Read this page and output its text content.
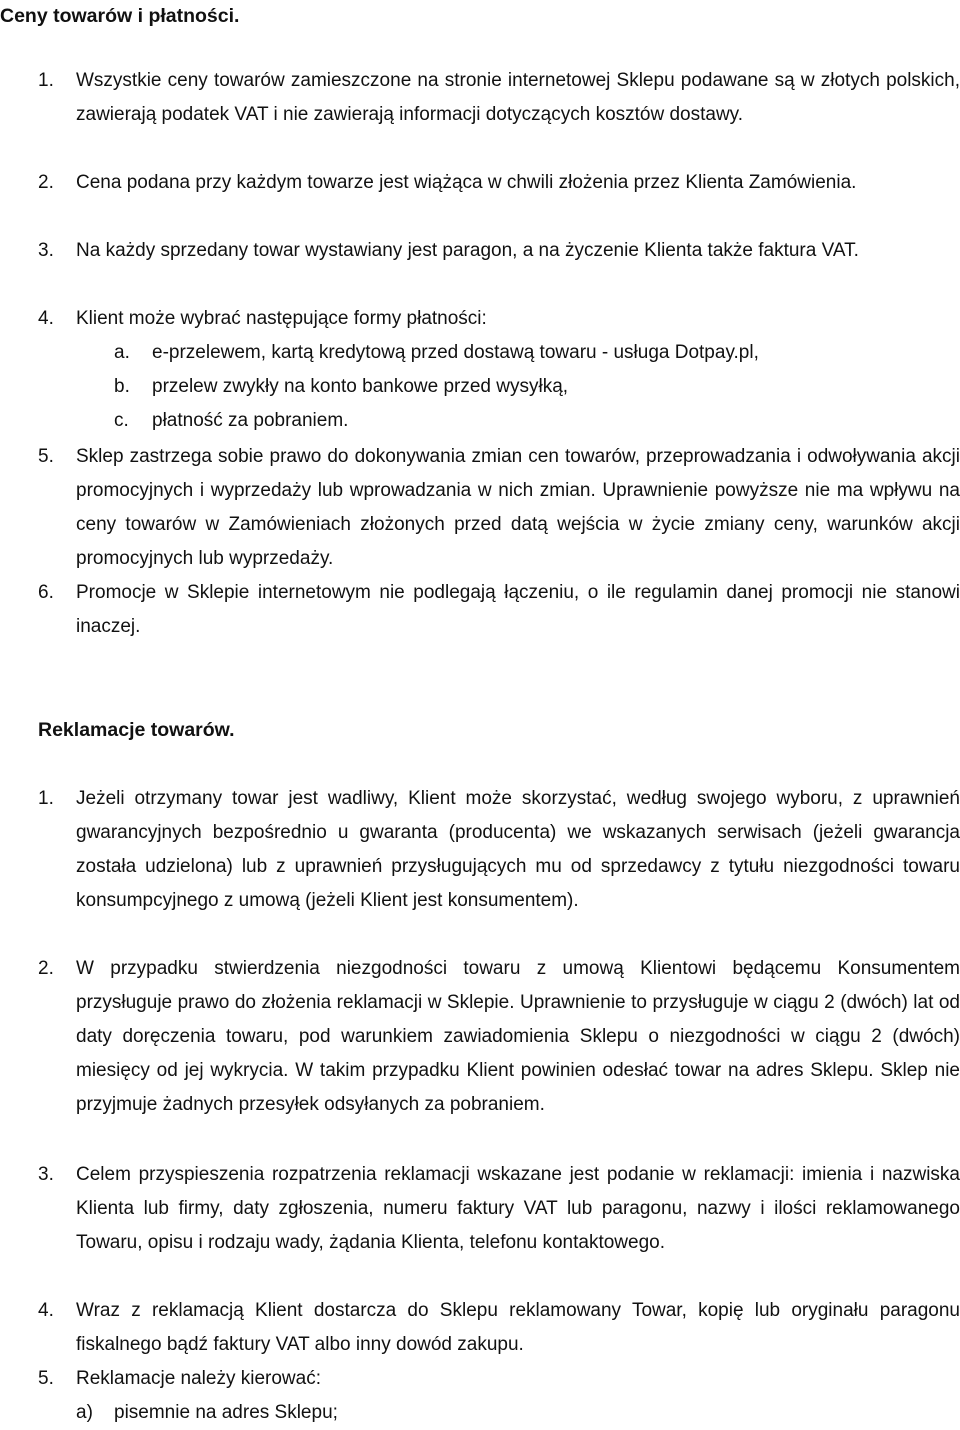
Ceny towarów i płatności.
1. Wszystkie ceny towarów zamieszczone na stronie internetowej Sklepu podawane są w złotych polskich, zawierają podatek VAT i nie zawierają informacji dotyczących kosztów dostawy.
2. Cena podana przy każdym towarze jest wiążąca w chwili złożenia przez Klienta Zamówienia.
3. Na każdy sprzedany towar wystawiany jest paragon, a na życzenie Klienta także faktura VAT.
4. Klient może wybrać następujące formy płatności:
a. e-przelewem, kartą kredytową przed dostawą towaru - usługa Dotpay.pl,
b. przelew zwykły na konto bankowe przed wysyłką,
c. płatność za pobraniem.
5. Sklep zastrzega sobie prawo do dokonywania zmian cen towarów, przeprowadzania i odwoływania akcji promocyjnych i wyprzedaży lub wprowadzania w nich zmian. Uprawnienie powyższe nie ma wpływu na ceny towarów w Zamówieniach złożonych przed datą wejścia w życie zmiany ceny, warunków akcji promocyjnych lub wyprzedaży.
6. Promocje w Sklepie internetowym nie podlegają łączeniu, o ile regulamin danej promocji nie stanowi inaczej.
Reklamacje towarów.
1. Jeżeli otrzymany towar jest wadliwy, Klient może skorzystać, według swojego wyboru, z uprawnień gwarancyjnych bezpośrednio u gwaranta (producenta) we wskazanych serwisach (jeżeli gwarancja została udzielona) lub z uprawnień przysługujących mu od sprzedawcy z tytułu niezgodności towaru konsumpcyjnego z umową (jeżeli Klient jest konsumentem).
2. W przypadku stwierdzenia niezgodności towaru z umową Klientowi będącemu Konsumentem przysługuje prawo do złożenia reklamacji w Sklepie. Uprawnienie to przysługuje w ciągu 2 (dwóch) lat od daty doręczenia towaru, pod warunkiem zawiadomienia Sklepu o niezgodności w ciągu 2 (dwóch) miesięcy od jej wykrycia. W takim przypadku Klient powinien odesłać towar na adres Sklepu. Sklep nie przyjmuje żadnych przesyłek odsyłanych za pobraniem.
3. Celem przyspieszenia rozpatrzenia reklamacji wskazane jest podanie w reklamacji: imienia i nazwiska Klienta lub firmy, daty zgłoszenia, numeru faktury VAT lub paragonu, nazwy i ilości reklamowanego Towaru, opisu i rodzaju wady, żądania Klienta, telefonu kontaktowego.
4. Wraz z reklamacją Klient dostarcza do Sklepu reklamowany Towar, kopię lub oryginału paragonu fiskalnego bądź faktury VAT albo inny dowód zakupu.
5. Reklamacje należy kierować:
a) pisemnie na adres Sklepu;
